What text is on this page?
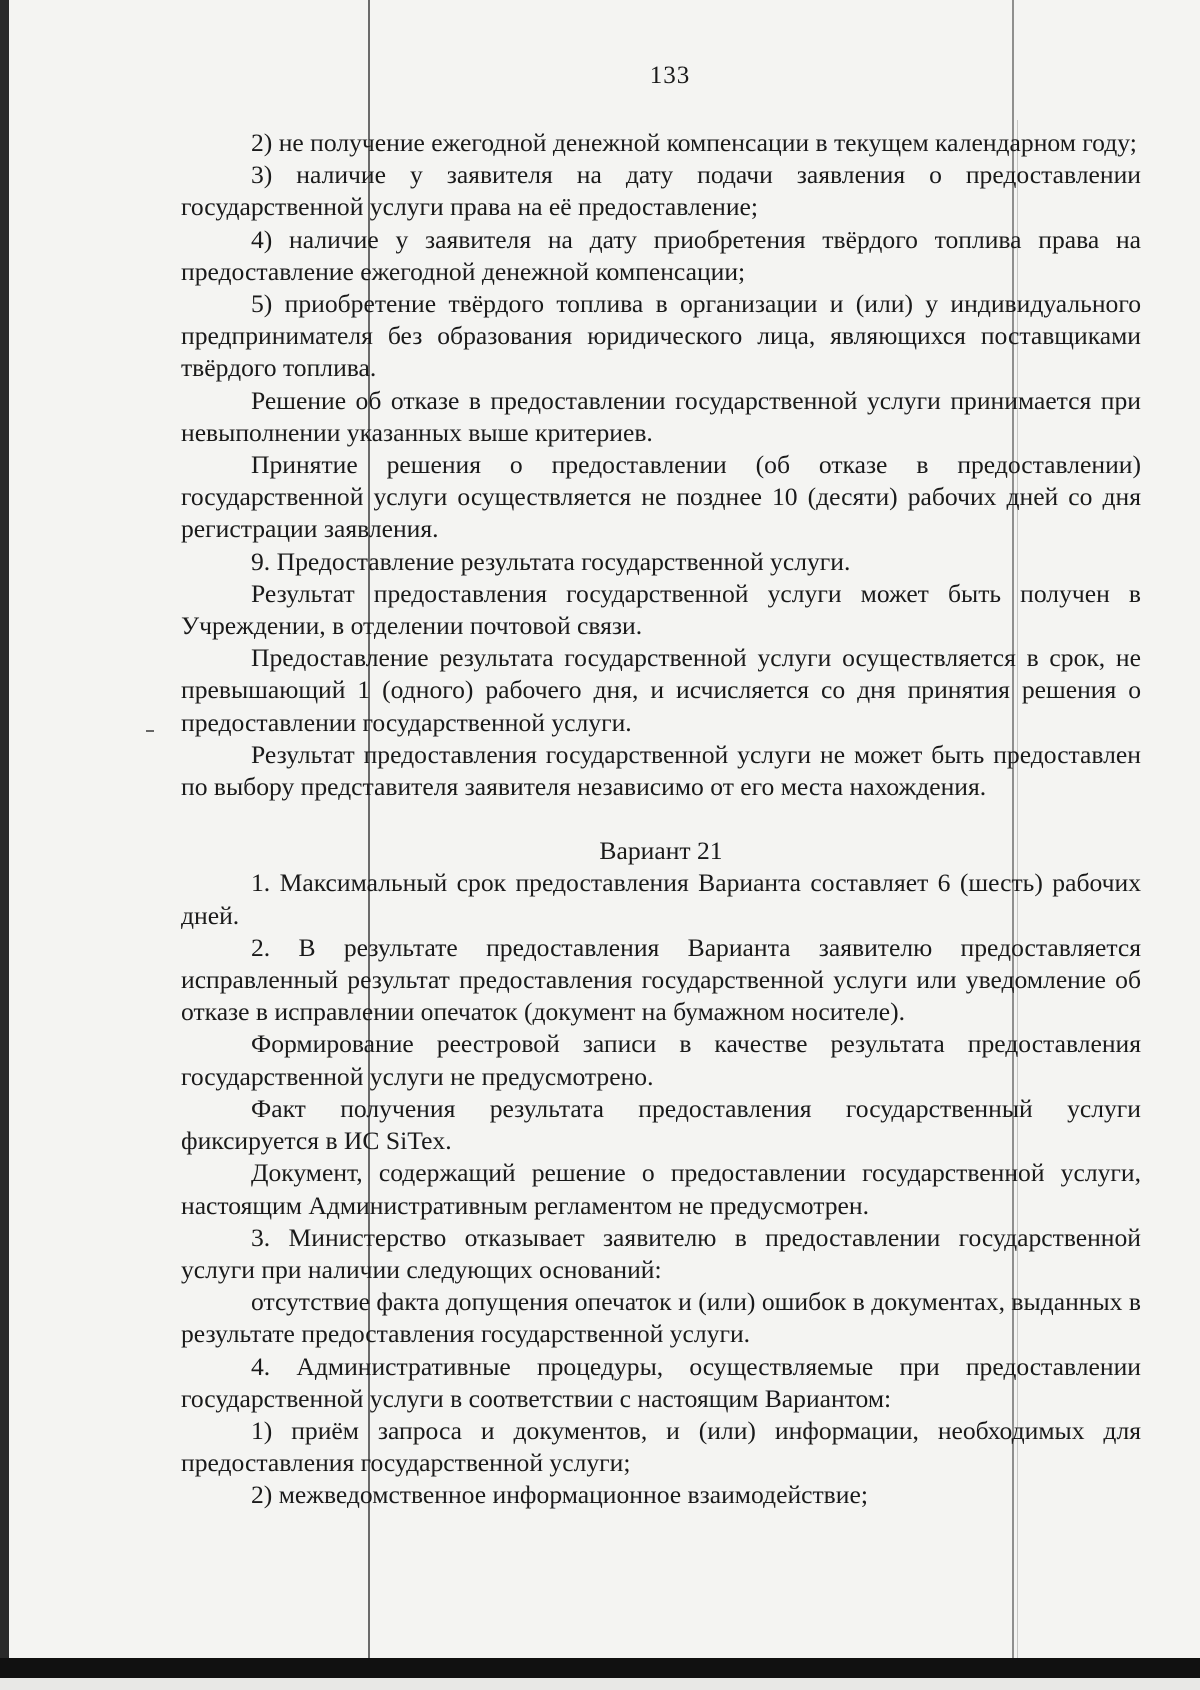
133

2) не получение ежегодной денежной компенсации в текущем календарном году;

3) наличие у заявителя на дату подачи заявления о предоставлении государственной услуги права на её предоставление;

4) наличие у заявителя на дату приобретения твёрдого топлива права на предоставление ежегодной денежной компенсации;

5) приобретение твёрдого топлива в организации и (или) у индивидуального предпринимателя без образования юридического лица, являющихся поставщиками твёрдого топлива.

Решение об отказе в предоставлении государственной услуги принимается при невыполнении указанных выше критериев.

Принятие решения о предоставлении (об отказе в предоставлении) государственной услуги осуществляется не позднее 10 (десяти) рабочих дней со дня регистрации заявления.

9. Предоставление результата государственной услуги.

Результат предоставления государственной услуги может быть получен в Учреждении, в отделении почтовой связи.

Предоставление результата государственной услуги осуществляется в срок, не превышающий 1 (одного) рабочего дня, и исчисляется со дня принятия решения о предоставлении государственной услуги.

Результат предоставления государственной услуги не может быть предоставлен по выбору представителя заявителя независимо от его места нахождения.

Вариант 21

1. Максимальный срок предоставления Варианта составляет 6 (шесть) рабочих дней.

2. В результате предоставления Варианта заявителю предоставляется исправленный результат предоставления государственной услуги или уведомление об отказе в исправлении опечаток (документ на бумажном носителе).

Формирование реестровой записи в качестве результата предоставления государственной услуги не предусмотрено.

Факт получения результата предоставления государственный услуги фиксируется в ИС SiTex.

Документ, содержащий решение о предоставлении государственной услуги, настоящим Административным регламентом не предусмотрен.

3. Министерство отказывает заявителю в предоставлении государственной услуги при наличии следующих оснований:

отсутствие факта допущения опечаток и (или) ошибок в документах, выданных в результате предоставления государственной услуги.

4. Административные процедуры, осуществляемые при предоставлении государственной услуги в соответствии с настоящим Вариантом:

1) приём запроса и документов, и (или) информации, необходимых для предоставления государственной услуги;

2) межведомственное информационное взаимодействие;
